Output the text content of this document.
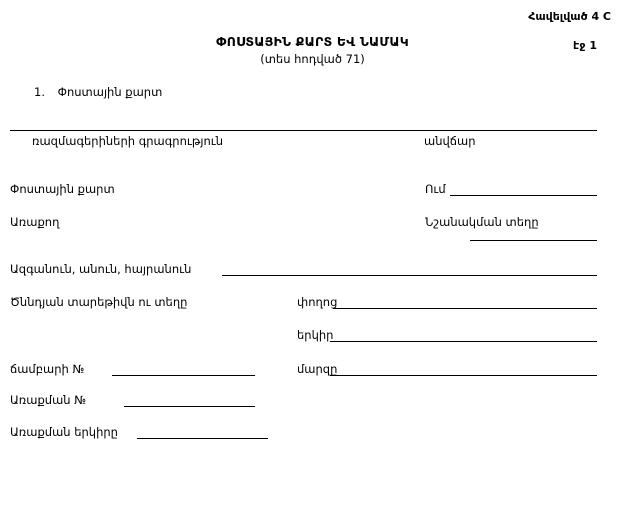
Հավելված 4 C
էջ 1
ՓՈՍՏԱՅԻՆ ՔԱՐՏ ԵՎ ՆԱՄԱԿ
(տես հոդված 71)
1. Փոստային քարտ
ռազմագերիների գրագրություն	անվճար
Փոստային քարտ	Ում
Առաքող	Նշանակման տեղը
Ազգանուն, անուն, հայրանուն
Ծննդյան տարեթիվն ու տեղը	փողոց
երկիր
ճամբարի №	մարզը
Առաքման №
Առաքման երկիրը
